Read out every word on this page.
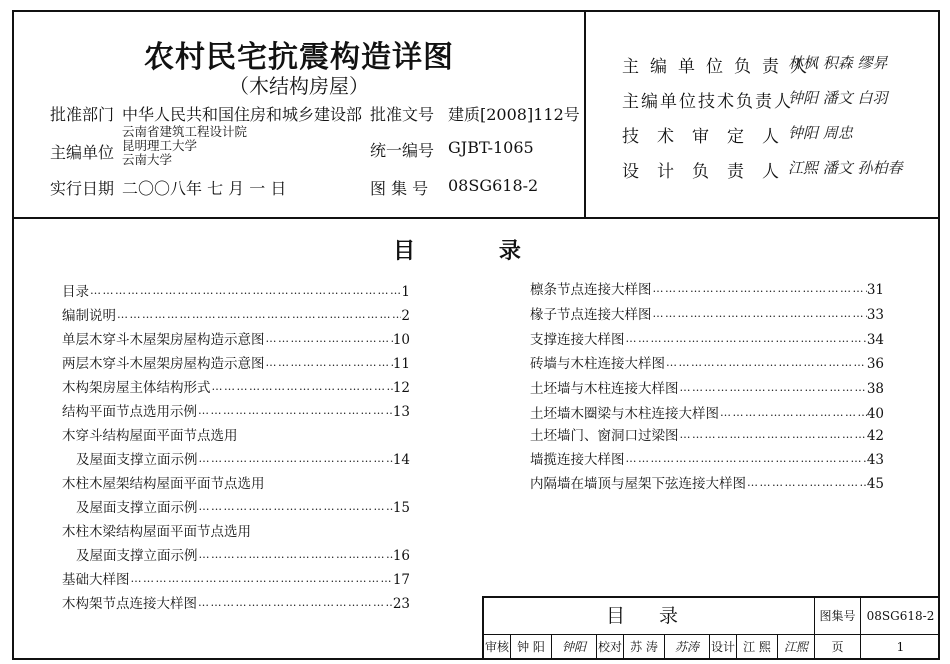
农村民宅抗震构造详图
（木结构房屋）
批准部门 中华人民共和国住房和城乡建设部 批准文号 建质[2008]112号
主编单位
云南省建筑工程设计院
昆明理工大学
云南大学	统一编号 GJBT-1065
实行日期 二〇〇八年 七 月 一 日	图 集 号 08SG618-2
主编单位负责人
林枫 积森 缪昇
主编单位技术负责人
钟阳 潘文 白羽
技术审定人
钟阳 周忠
设计负责人
江熙 潘文 孙柏春
目 录
目录 …………………………………………………………………………………………………………………………………………	1
编制说明 …………………………………………………………………………………………………………………………………………	2
单层木穿斗木屋架房屋构造示意图 …………………………………………………………………………………………………………………………………………	10
两层木穿斗木屋架房屋构造示意图 …………………………………………………………………………………………………………………………………………	11
木构架房屋主体结构形式 …………………………………………………………………………………………………………………………………………	12
结构平面节点选用示例 …………………………………………………………………………………………………………………………………………	13
木穿斗结构屋面平面节点选用
及屋面支撑立面示例 …………………………………………………………………………………………………………………………………………	14
木柱木屋架结构屋面平面节点选用
及屋面支撑立面示例 …………………………………………………………………………………………………………………………………………	15
木柱木梁结构屋面平面节点选用
及屋面支撑立面示例 …………………………………………………………………………………………………………………………………………	16
基础大样图 …………………………………………………………………………………………………………………………………………	17
木构架节点连接大样图 …………………………………………………………………………………………………………………………………………	23
檩条节点连接大样图 …………………………………………………………………………………………………………………………………………	31
椽子节点连接大样图 …………………………………………………………………………………………………………………………………………	33
支撑连接大样图 …………………………………………………………………………………………………………………………………………	34
砖墙与木柱连接大样图 …………………………………………………………………………………………………………………………………………	36
土坯墙与木柱连接大样图 …………………………………………………………………………………………………………………………………………	38
土坯墙木圈梁与木柱连接大样图 …………………………………………………………………………………………………………………………………………	40
土坯墙门、窗洞口过梁图 …………………………………………………………………………………………………………………………………………	42
墙揽连接大样图 …………………………………………………………………………………………………………………………………………	43
内隔墙在墙顶与屋架下弦连接大样图 …………………………………………………………………………………………………………………………………………	45
目 录	图集号 08SG618-2
审核 钟 阳	钟阳 校对 苏 涛	苏涛 设计 江 熙	江熙	页	1
